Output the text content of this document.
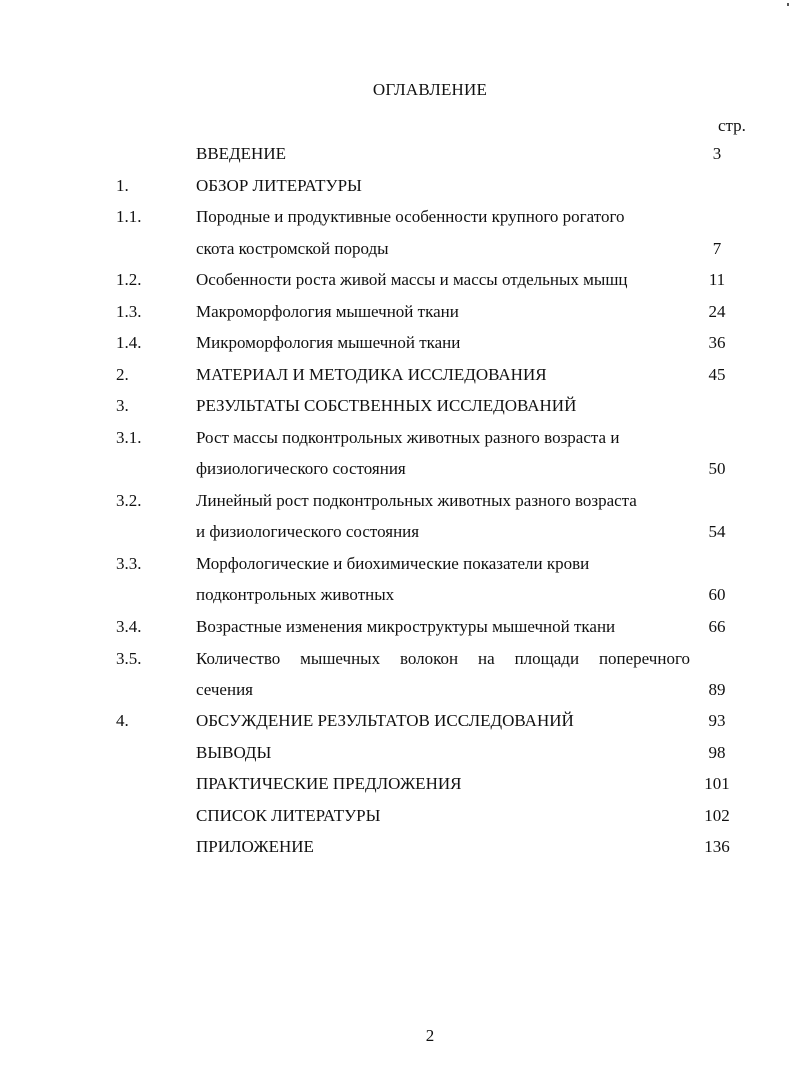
ОГЛАВЛЕНИЕ
стр.
ВВЕДЕНИЕ	3
1.	ОБЗОР ЛИТЕРАТУРЫ
1.1.	Породные и продуктивные особенности крупного рогатого
скота костромской породы	7
1.2.	Особенности роста живой массы и массы отдельных мышц	11
1.3.	Макроморфология мышечной ткани	24
1.4.	Микроморфология мышечной ткани	36
2.	МАТЕРИАЛ И МЕТОДИКА ИССЛЕДОВАНИЯ	45
3.	РЕЗУЛЬТАТЫ СОБСТВЕННЫХ ИССЛЕДОВАНИЙ
3.1.	Рост массы подконтрольных животных разного возраста и
физиологического состояния	50
3.2.	Линейный рост подконтрольных животных разного возраста
и физиологического состояния	54
3.3.	Морфологические и биохимические показатели крови
подконтрольных животных	60
3.4.	Возрастные изменения микроструктуры мышечной ткани	66
3.5.	Количество мышечных волокон на площади поперечного
сечения	89
4.	ОБСУЖДЕНИЕ РЕЗУЛЬТАТОВ ИССЛЕДОВАНИЙ	93
ВЫВОДЫ	98
ПРАКТИЧЕСКИЕ ПРЕДЛОЖЕНИЯ	101
СПИСОК ЛИТЕРАТУРЫ	102
ПРИЛОЖЕНИЕ	136
2
